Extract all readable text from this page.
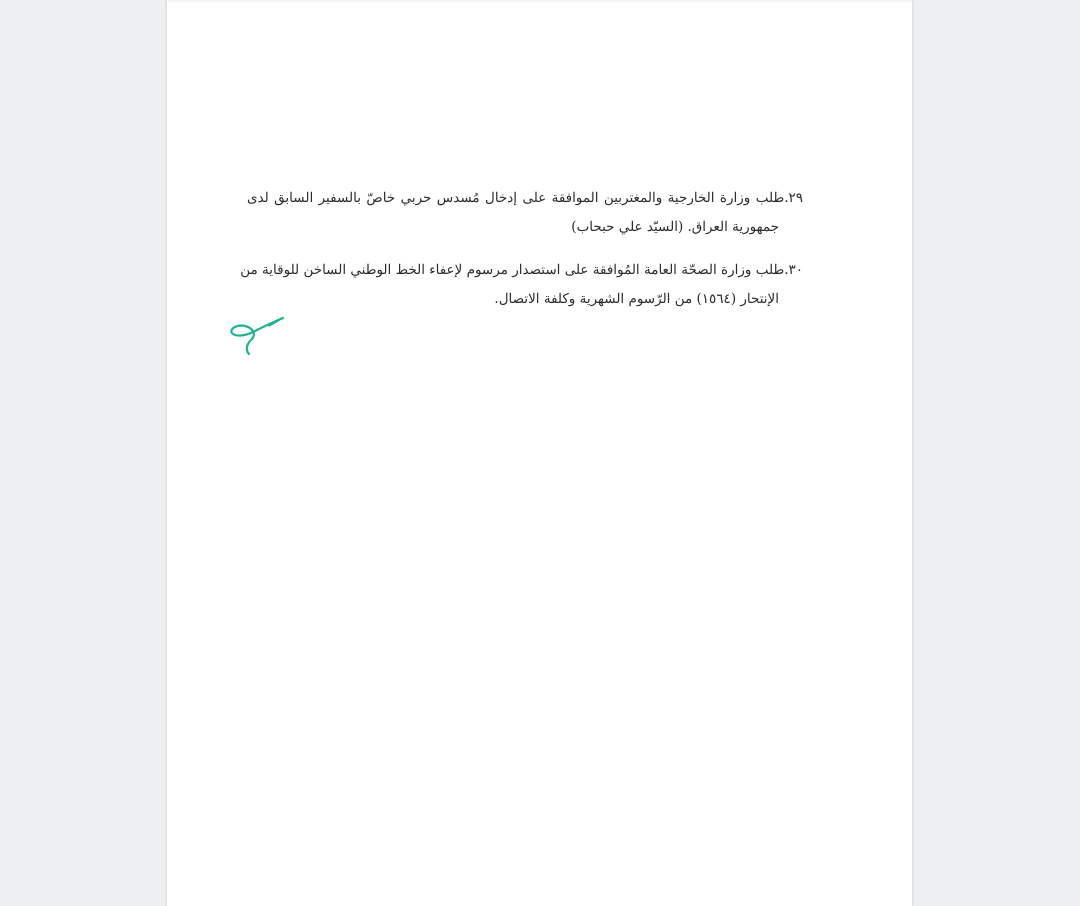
٢٩.طلب وزارة الخارجية والمغتربين الموافقة على إدخال مُسدس حربي خاصّ بالسفير السابق لدى
جمهورية العراق. (السيّد علي حبحاب)
٣٠.طلب وزارة الصحّة العامة المُوافقة على استصدار مرسوم لإعفاء الخط الوطني الساخن للوقاية من
الإنتحار (١٥٦٤) من الرّسوم الشهرية وكلفة الاتصال.
